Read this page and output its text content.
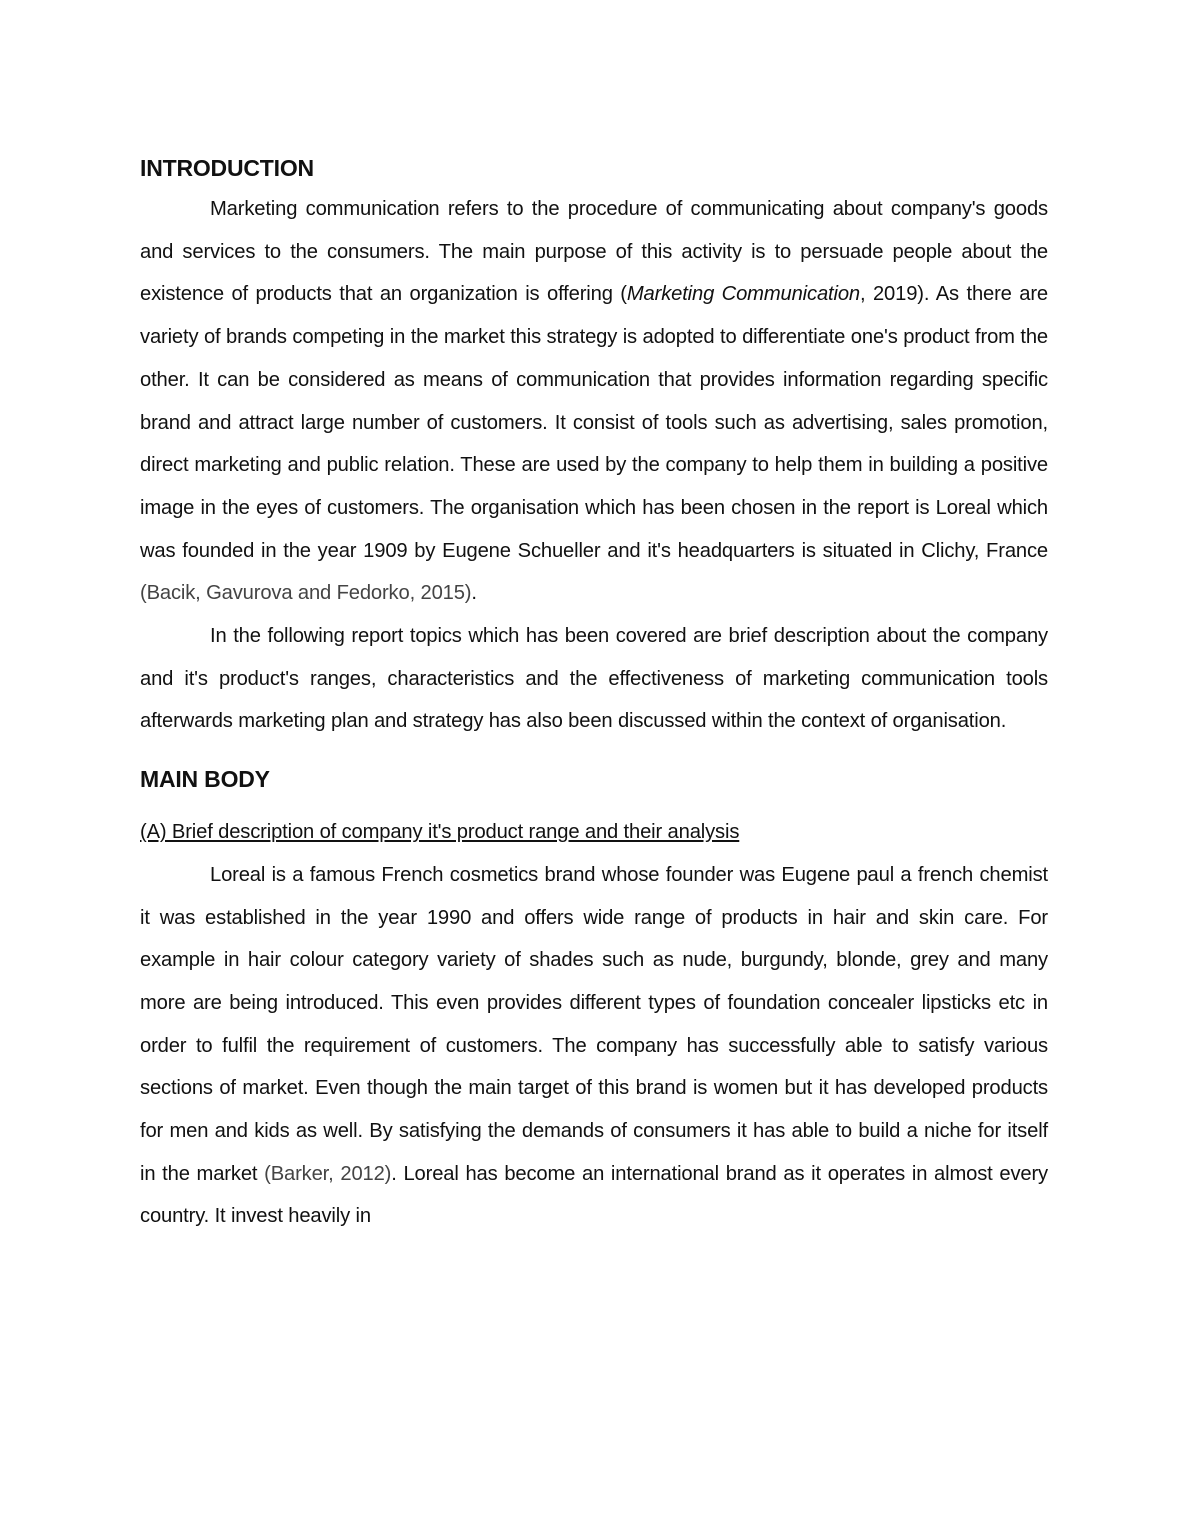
INTRODUCTION

Marketing communication refers to the procedure of communicating about company's goods and services to the consumers. The main purpose of this activity is to persuade people about the existence of products that an organization is offering (Marketing Communication, 2019). As there are variety of brands competing in the market this strategy is adopted to differentiate one's product from the other. It can be considered as means of communication that provides information regarding specific brand and attract large number of customers. It consist of tools such as advertising, sales promotion, direct marketing and public relation. These are used by the company to help them in building a positive image in the eyes of customers. The organisation which has been chosen in the report is Loreal which was founded in the year 1909 by Eugene Schueller and it's headquarters is situated in Clichy, France (Bacik, Gavurova and Fedorko, 2015).

In the following report topics which has been covered are brief description about the company and it's product's ranges, characteristics and the effectiveness of marketing communication tools afterwards marketing plan and strategy has also been discussed within the context of organisation.

MAIN BODY

(A) Brief description of company it's product range and their analysis

Loreal is a famous French cosmetics brand whose founder was Eugene paul a french chemist it was established in the year 1990 and offers wide range of products in hair and skin care. For example in hair colour category variety of shades such as nude, burgundy, blonde, grey and many more are being introduced. This even provides different types of foundation concealer lipsticks etc in order to fulfil the requirement of customers. The company has successfully able to satisfy various sections of market. Even though the main target of this brand is women but it has developed products for men and kids as well. By satisfying the demands of consumers it has able to build a niche for itself in the market (Barker, 2012). Loreal has become an international brand as it operates in almost every country. It invest heavily in
